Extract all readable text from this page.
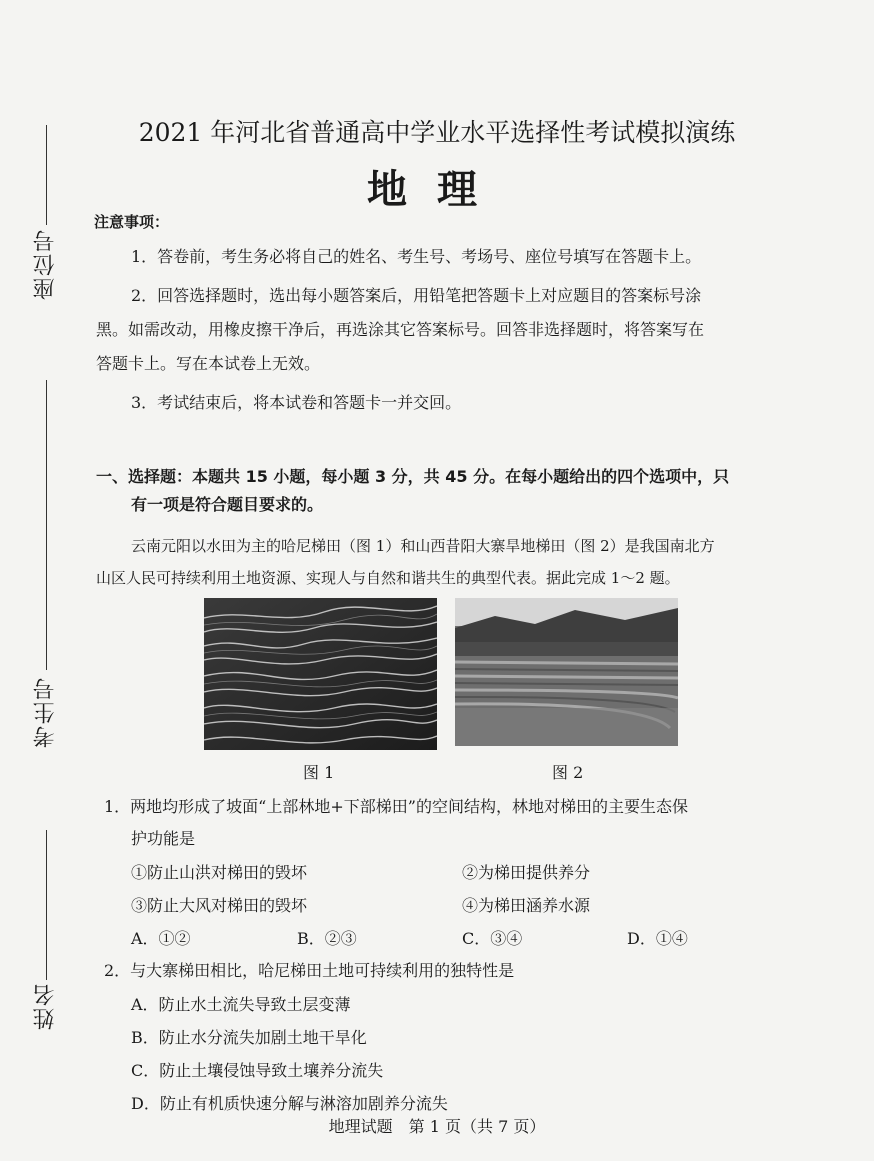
座位号
考生号
姓名
2021 年河北省普通高中学业水平选择性考试模拟演练
地理
注意事项：
1．答卷前，考生务必将自己的姓名、考生号、考场号、座位号填写在答题卡上。
2．回答选择题时，选出每小题答案后，用铅笔把答题卡上对应题目的答案标号涂
黑。如需改动，用橡皮擦干净后，再选涂其它答案标号。回答非选择题时，将答案写在
答题卡上。写在本试卷上无效。
3．考试结束后，将本试卷和答题卡一并交回。
一、选择题：本题共 15 小题，每小题 3 分，共 45 分。在每小题给出的四个选项中，只
有一项是符合题目要求的。
云南元阳以水田为主的哈尼梯田（图 1）和山西昔阳大寨旱地梯田（图 2）是我国南北方
山区人民可持续利用土地资源、实现人与自然和谐共生的典型代表。据此完成 1～2 题。
图 1	图 2
1．两地均形成了坡面“上部林地+下部梯田”的空间结构，林地对梯田的主要生态保
护功能是
①防止山洪对梯田的毁坏	②为梯田提供养分
③防止大风对梯田的毁坏	④为梯田涵养水源
A．①②	B．②③	C．③④	D．①④
2．与大寨梯田相比，哈尼梯田土地可持续利用的独特性是
A．防止水土流失导致土层变薄
B．防止水分流失加剧土地干旱化
C．防止土壤侵蚀导致土壤养分流失
D．防止有机质快速分解与淋溶加剧养分流失
地理试题　第 1 页（共 7 页）
